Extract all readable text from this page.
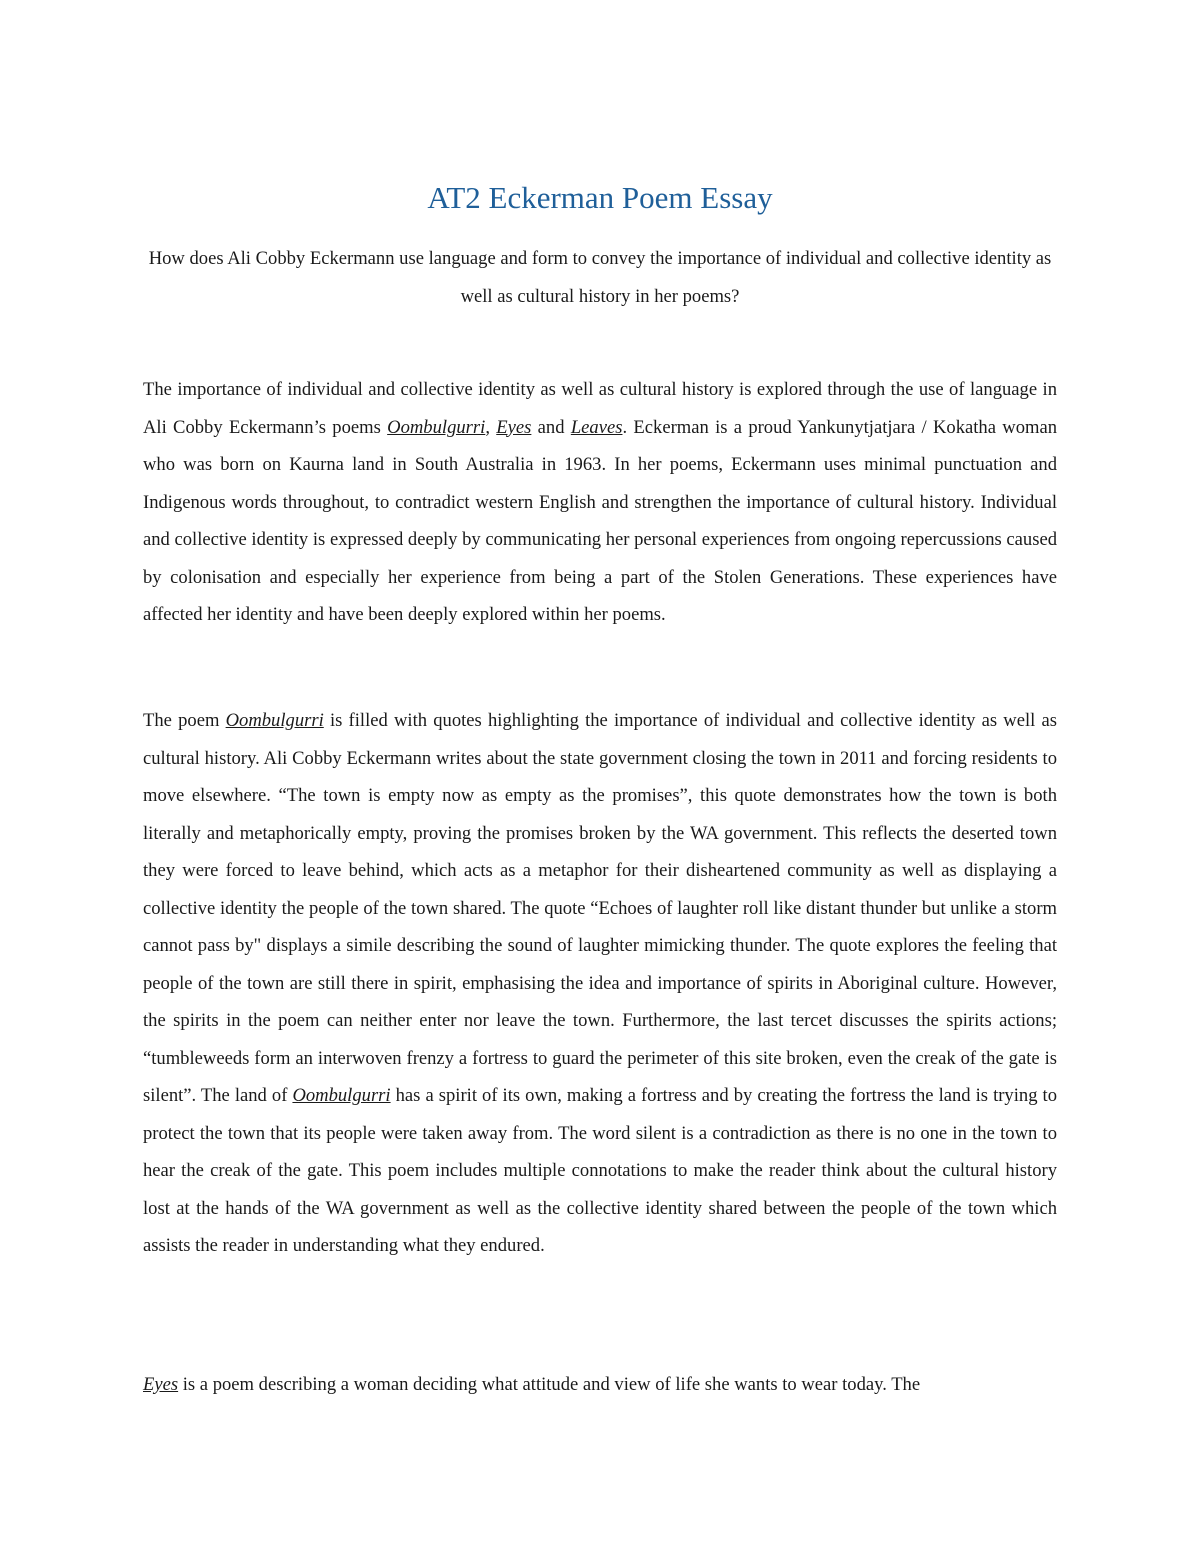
AT2 Eckerman Poem Essay

How does Ali Cobby Eckermann use language and form to convey the importance of individual and collective identity as well as cultural history in her poems?

The importance of individual and collective identity as well as cultural history is explored through the use of language in Ali Cobby Eckermann’s poems Oombulgurri, Eyes and Leaves. Eckerman is a proud Yankunytjatjara / Kokatha woman who was born on Kaurna land in South Australia in 1963. In her poems, Eckermann uses minimal punctuation and Indigenous words throughout, to contradict western English and strengthen the importance of cultural history. Individual and collective identity is expressed deeply by communicating her personal experiences from ongoing repercussions caused by colonisation and especially her experience from being a part of the Stolen Generations. These experiences have affected her identity and have been deeply explored within her poems.

The poem Oombulgurri is filled with quotes highlighting the importance of individual and collective identity as well as cultural history. Ali Cobby Eckermann writes about the state government closing the town in 2011 and forcing residents to move elsewhere. “The town is empty now as empty as the promises”, this quote demonstrates how the town is both literally and metaphorically empty, proving the promises broken by the WA government. This reflects the deserted town they were forced to leave behind, which acts as a metaphor for their disheartened community as well as displaying a collective identity the people of the town shared. The quote “Echoes of laughter roll like distant thunder but unlike a storm cannot pass by" displays a simile describing the sound of laughter mimicking thunder. The quote explores the feeling that people of the town are still there in spirit, emphasising the idea and importance of spirits in Aboriginal culture. However, the spirits in the poem can neither enter nor leave the town. Furthermore, the last tercet discusses the spirits actions; “tumbleweeds form an interwoven frenzy a fortress to guard the perimeter of this site broken, even the creak of the gate is silent”. The land of Oombulgurri has a spirit of its own, making a fortress and by creating the fortress the land is trying to protect the town that its people were taken away from. The word silent is a contradiction as there is no one in the town to hear the creak of the gate. This poem includes multiple connotations to make the reader think about the cultural history lost at the hands of the WA government as well as the collective identity shared between the people of the town which assists the reader in understanding what they endured.

Eyes is a poem describing a woman deciding what attitude and view of life she wants to wear today. The
